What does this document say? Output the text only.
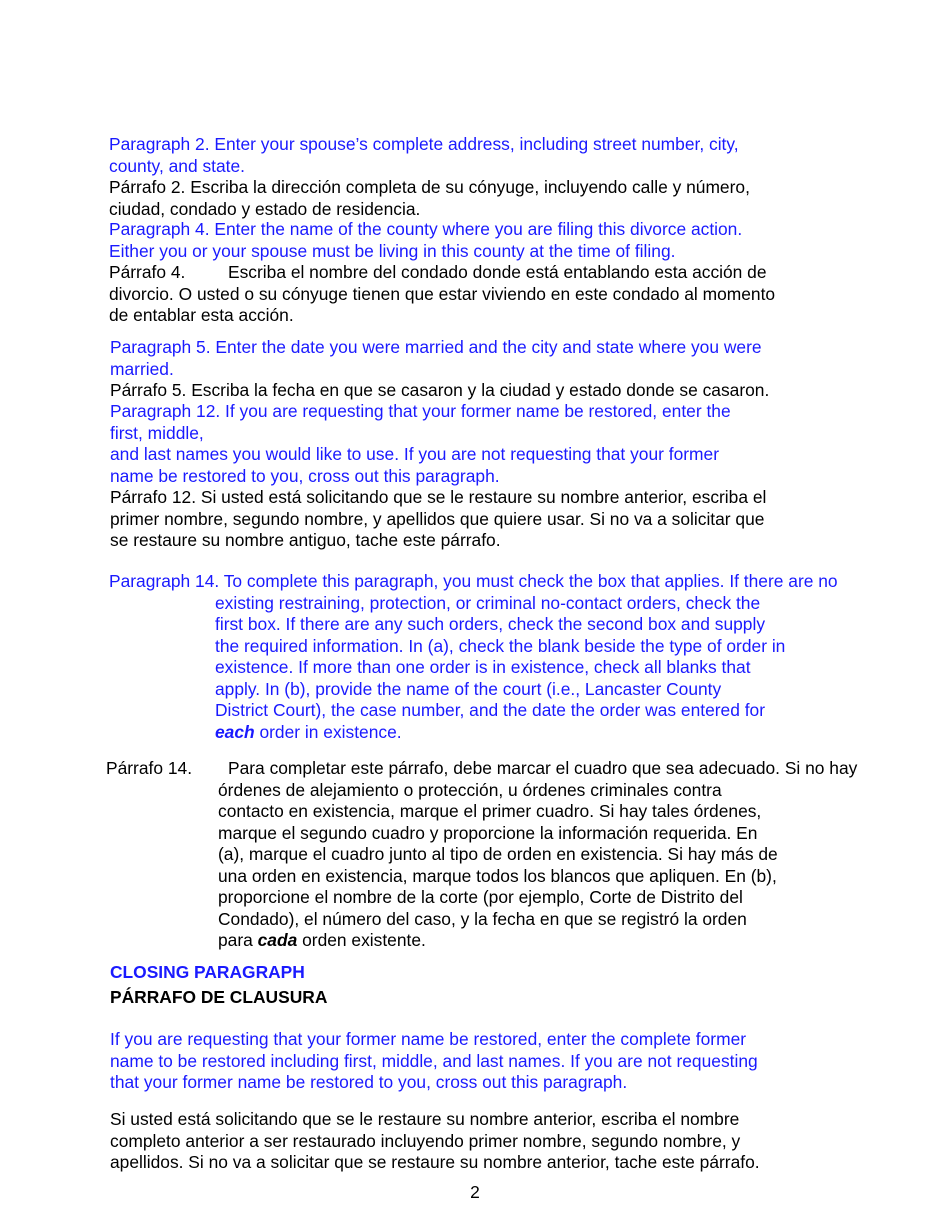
Paragraph 2. Enter your spouse’s complete address, including street number, city,
county, and state.
Párrafo 2. Escriba la dirección completa de su cónyuge, incluyendo calle y número,
ciudad, condado y estado de residencia.
Paragraph 4. Enter the name of the county where you are filing this divorce action.
Either you or your spouse must be living in this county at the time of filing.
Párrafo 4. Escriba el nombre del condado donde está entablando esta acción de
divorcio. O usted o su cónyuge tienen que estar viviendo en este condado al momento
de entablar esta acción.
Paragraph 5. Enter the date you were married and the city and state where you were
married.
Párrafo 5. Escriba la fecha en que se casaron y la ciudad y estado donde se casaron.
Paragraph 12. If you are requesting that your former name be restored, enter the
first, middle,
and last names you would like to use. If you are not requesting that your former
name be restored to you, cross out this paragraph.
Párrafo 12. Si usted está solicitando que se le restaure su nombre anterior, escriba el
primer nombre, segundo nombre, y apellidos que quiere usar. Si no va a solicitar que
se restaure su nombre antiguo, tache este párrafo.
Paragraph 14. To complete this paragraph, you must check the box that applies. If there are no
existing restraining, protection, or criminal no-contact orders, check the
first box. If there are any such orders, check the second box and supply
the required information. In (a), check the blank beside the type of order in
existence. If more than one order is in existence, check all blanks that
apply. In (b), provide the name of the court (i.e., Lancaster County
District Court), the case number, and the date the order was entered for
each order in existence.
Párrafo 14. Para completar este párrafo, debe marcar el cuadro que sea adecuado. Si no hay
órdenes de alejamiento o protección, u órdenes criminales contra
contacto en existencia, marque el primer cuadro. Si hay tales órdenes,
marque el segundo cuadro y proporcione la información requerida. En
(a), marque el cuadro junto al tipo de orden en existencia. Si hay más de
una orden en existencia, marque todos los blancos que apliquen. En (b),
proporcione el nombre de la corte (por ejemplo, Corte de Distrito del
Condado), el número del caso, y la fecha en que se registró la orden
para cada orden existente.
CLOSING PARAGRAPH
PÁRRAFO DE CLAUSURA
If you are requesting that your former name be restored, enter the complete former
name to be restored including first, middle, and last names. If you are not requesting
that your former name be restored to you, cross out this paragraph.
Si usted está solicitando que se le restaure su nombre anterior, escriba el nombre
completo anterior a ser restaurado incluyendo primer nombre, segundo nombre, y
apellidos. Si no va a solicitar que se restaure su nombre anterior, tache este párrafo.
2
